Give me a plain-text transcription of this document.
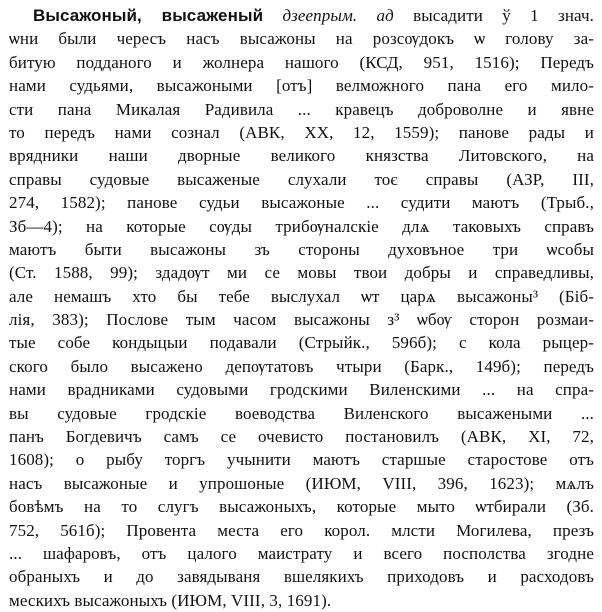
Высажоный, высаженый дзеeпрым. ад высадити ў 1 знач.
ѡни были чересъ насъ высажоны на розсѹдокъ ѡ голову за-
битую подданого и жолнера нашого (КСД, 951, 1516); Передъ
нами судьями, высажоными [отъ] велможного пана его мило-
сти пана Микалая Радивила ... кравецъ доброволне и явне
то передъ нами сознал (АВК, XX, 12, 1559); панове рады и
врядники наши дворные великого князства Литовского, на
справы судовые высаженые слухали тоє справы (АЗР, III,
274, 1582); панове судьи высажоные ... судити маютъ (Трыб.,
Зб—4); на которые сѹды трибѹналскіе длѧ таковыхъ справъ
маютъ быти высажоны зъ стороны духовъное три ѡсобы
(Ст. 1588, 99); здадѹт ми се мовы твои добры и справедливы,
але немашъ хто бы тебе выслухал ѡт царѧ высажоны³ (Біб-
лія, 383); Послове тым часом высажоны з³ ѡбѹ сторон розмаи-
тые собе кондыцыи подавали (Стрыйк., 596б); с кола рыцер-
ского было высажено депѹтатовъ чтыри (Барк., 149б); передъ
нами врадниками судовыми гродскими Виленскими ... на спра-
вы судовые гродскіе воеводства Виленского высажеными ...
панъ Богдевичъ самъ се очевисто постановилъ (АВК, XI, 72,
1608); о рыбу торгъ учынити маютъ старшые старостове отъ
насъ высажоные и упрошоные (ИЮМ, VIII, 396, 1623); мѧлъ
бовѣмъ на то слугъ высажоныхъ, которые мыто ѡтбирали (Зб.
752, 561б); Провента места его корол. млсти Могилева, презъ
... шафаровъ, отъ цалого маистрату и всего посполства згодне
обраныхъ и до завядываня вшелякихъ приходовъ и расходовъ
мескихъ высажоныхъ (ИЮМ, VIII, 3, 1691).
